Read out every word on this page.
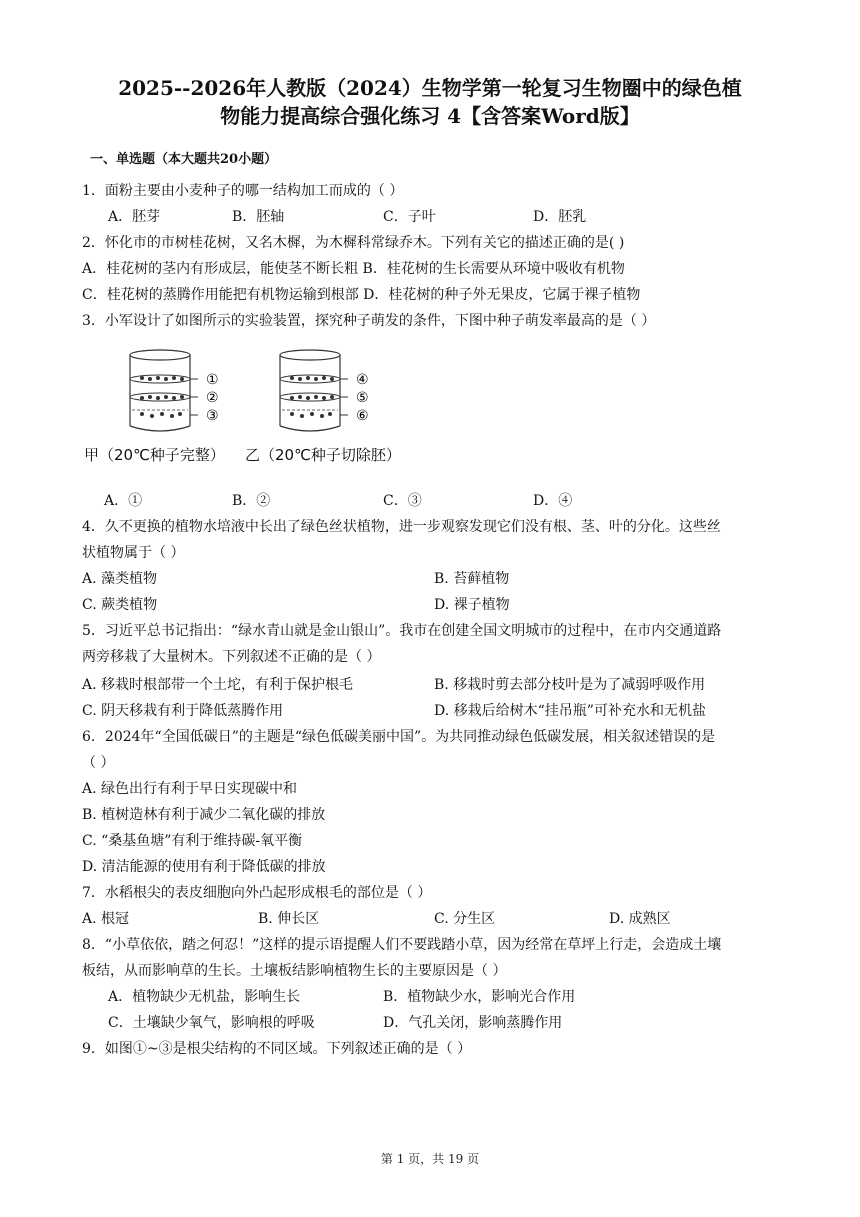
2025--2026年人教版（2024）生物学第一轮复习生物圈中的绿色植
物能力提高综合强化练习 4【含答案Word版】
一、单选题（本大题共20小题）
1．面粉主要由小麦种子的哪一结构加工而成的（ ）
A．胚芽	B．胚轴	C．子叶	D．胚乳
2．怀化市的市树桂花树，又名木樨，为木樨科常绿乔木。下列有关它的描述正确的是( )
A．桂花树的茎内有形成层，能使茎不断长粗 B．桂花树的生长需要从环境中吸收有机物
C．桂花树的蒸腾作用能把有机物运输到根部 D．桂花树的种子外无果皮，它属于裸子植物
3．小军设计了如图所示的实验装置，探究种子萌发的条件，下图中种子萌发率最高的是（ ）
①
②
③
④
⑤
⑥
甲（20℃种子完整） 乙（20℃种子切除胚）
A．①	B．②	C．③	D．④
4．久不更换的植物水培液中长出了绿色丝状植物，进一步观察发现它们没有根、茎、叶的分化。这些丝
状植物属于（ ）
A. 藻类植物	B. 苔藓植物
C. 蕨类植物	D. 裸子植物
5．习近平总书记指出：“绿水青山就是金山银山”。我市在创建全国文明城市的过程中，在市内交通道路
两旁移栽了大量树木。下列叙述不正确的是（ ）
A. 移栽时根部带一个土坨，有利于保护根毛	B. 移栽时剪去部分枝叶是为了减弱呼吸作用
C. 阴天移栽有利于降低蒸腾作用	D. 移栽后给树木“挂吊瓶”可补充水和无机盐
6．2024年“全国低碳日”的主题是“绿色低碳美丽中国”。为共同推动绿色低碳发展，相关叙述错误的是
（ ）
A. 绿色出行有利于早日实现碳中和
B. 植树造林有利于减少二氧化碳的排放
C. “桑基鱼塘”有利于维持碳-氧平衡
D. 清洁能源的使用有利于降低碳的排放
7．水稻根尖的表皮细胞向外凸起形成根毛的部位是（ ）
A. 根冠	B. 伸长区	C. 分生区	D. 成熟区
8．“小草依依，踏之何忍！”这样的提示语提醒人们不要践踏小草，因为经常在草坪上行走，会造成土壤
板结，从而影响草的生长。土壤板结影响植物生长的主要原因是（ ）
A．植物缺少无机盐，影响生长	B．植物缺少水，影响光合作用
C．土壤缺少氧气，影响根的呼吸	D．气孔关闭，影响蒸腾作用
9．如图①~③是根尖结构的不同区域。下列叙述正确的是（ ）
第 1 页，共 19 页
